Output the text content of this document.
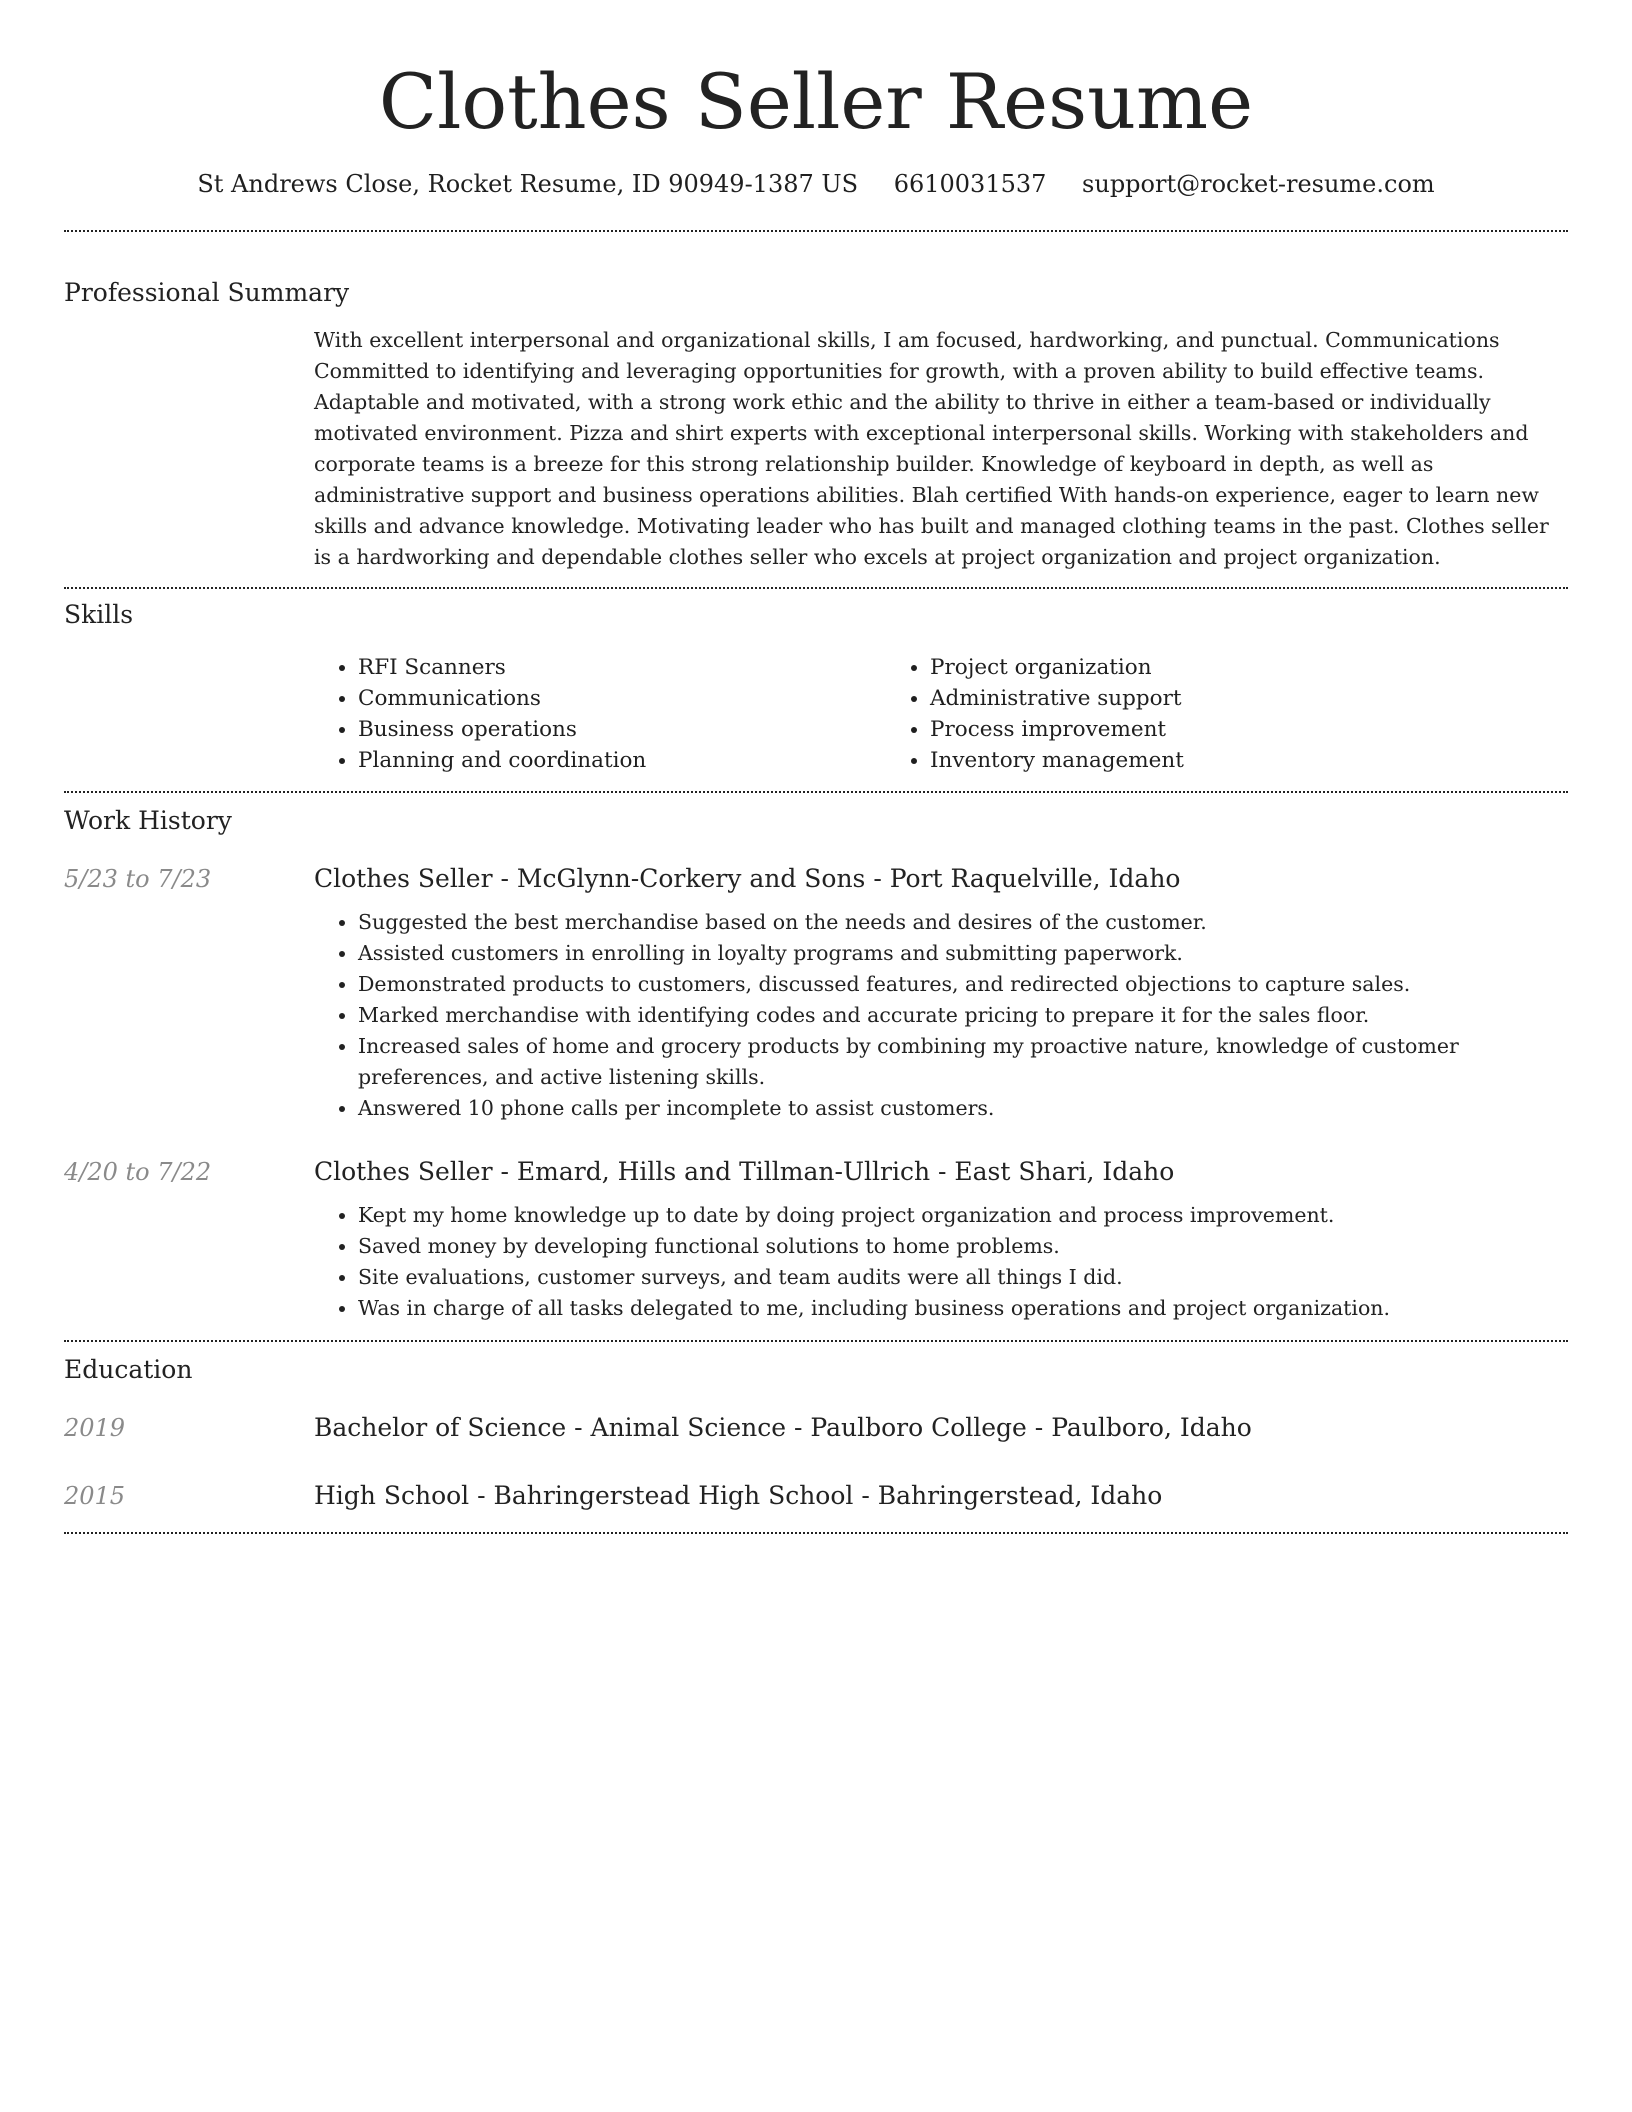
Clothes Seller Resume
St Andrews Close, Rocket Resume, ID 90949-1387 US 6610031537 support@rocket-resume.com
Professional Summary
With excellent interpersonal and organizational skills, I am focused, hardworking, and punctual. Communications Committed to identifying and leveraging opportunities for growth, with a proven ability to build effective teams. Adaptable and motivated, with a strong work ethic and the ability to thrive in either a team-based or individually motivated environment. Pizza and shirt experts with exceptional interpersonal skills. Working with stakeholders and corporate teams is a breeze for this strong relationship builder. Knowledge of keyboard in depth, as well as administrative support and business operations abilities. Blah certified With hands-on experience, eager to learn new skills and advance knowledge. Motivating leader who has built and managed clothing teams in the past. Clothes seller is a hardworking and dependable clothes seller who excels at project organization and project organization.
Skills
• RFI Scanners
• Communications
• Business operations
• Planning and coordination
• Project organization
• Administrative support
• Process improvement
• Inventory management
Work History
5/23 to 7/23	Clothes Seller - McGlynn-Corkery and Sons - Port Raquelville, Idaho
• Suggested the best merchandise based on the needs and desires of the customer.
• Assisted customers in enrolling in loyalty programs and submitting paperwork.
• Demonstrated products to customers, discussed features, and redirected objections to capture sales.
• Marked merchandise with identifying codes and accurate pricing to prepare it for the sales floor.
• Increased sales of home and grocery products by combining my proactive nature, knowledge of customer preferences, and active listening skills.
• Answered 10 phone calls per incomplete to assist customers.
4/20 to 7/22	Clothes Seller - Emard, Hills and Tillman-Ullrich - East Shari, Idaho
• Kept my home knowledge up to date by doing project organization and process improvement.
• Saved money by developing functional solutions to home problems.
• Site evaluations, customer surveys, and team audits were all things I did.
• Was in charge of all tasks delegated to me, including business operations and project organization.
Education
2019	Bachelor of Science - Animal Science - Paulboro College - Paulboro, Idaho
2015	High School - Bahringerstead High School - Bahringerstead, Idaho
